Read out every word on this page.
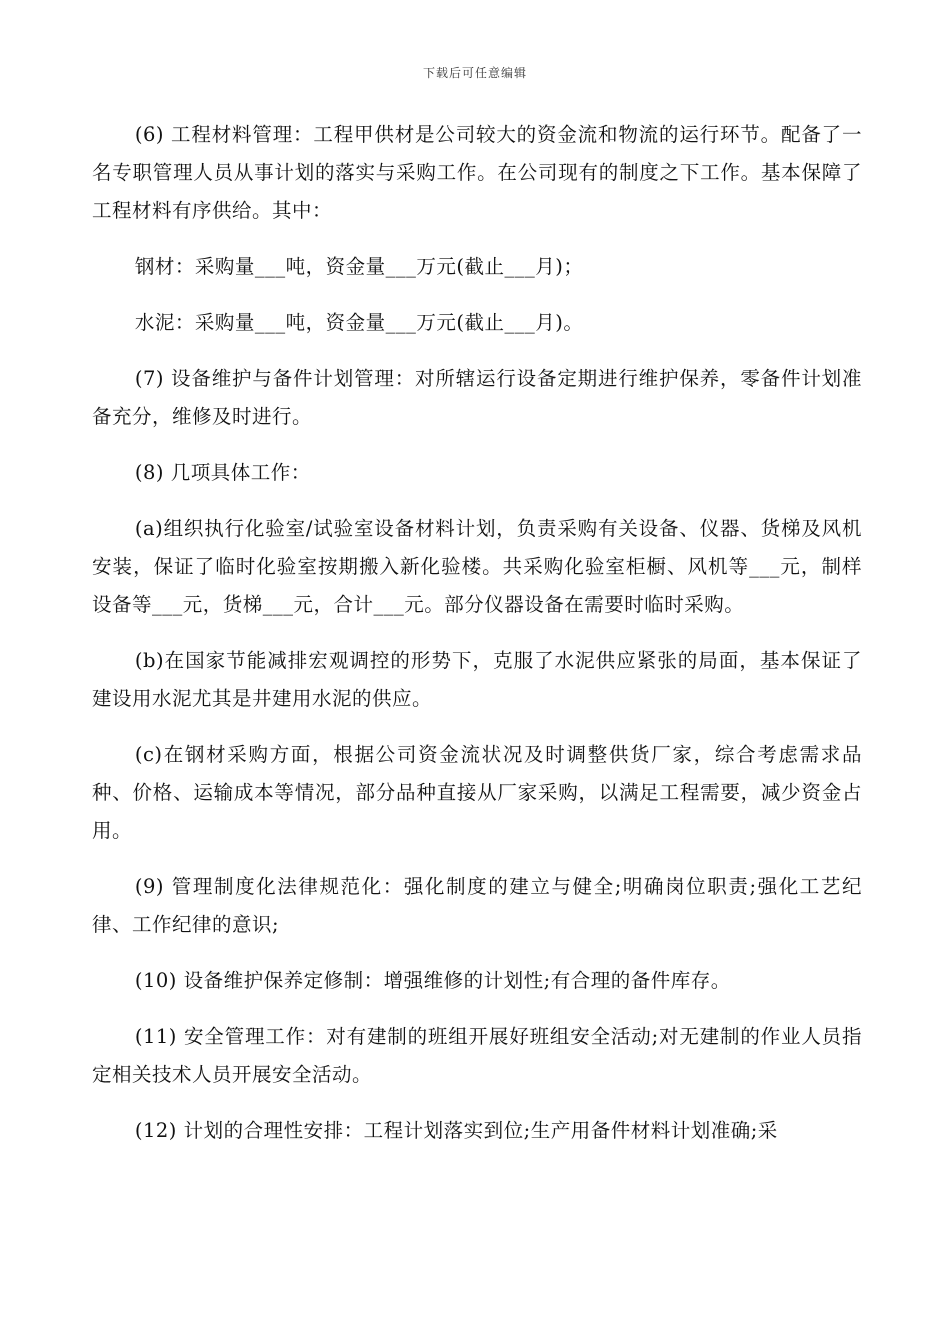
下载后可任意编辑

(6) 工程材料管理：工程甲供材是公司较大的资金流和物流的运行环节。配备了一名专职管理人员从事计划的落实与采购工作。在公司现有的制度之下工作。基本保障了工程材料有序供给。其中：

钢材：采购量___吨，资金量___万元(截止___月)；

水泥：采购量___吨，资金量___万元(截止___月)。

(7) 设备维护与备件计划管理：对所辖运行设备定期进行维护保养，零备件计划准备充分，维修及时进行。

(8) 几项具体工作：

(a)组织执行化验室/试验室设备材料计划，负责采购有关设备、仪器、货梯及风机安装，保证了临时化验室按期搬入新化验楼。共采购化验室柜橱、风机等___元，制样设备等___元，货梯___元，合计___元。部分仪器设备在需要时临时采购。

(b)在国家节能减排宏观调控的形势下，克服了水泥供应紧张的局面，基本保证了建设用水泥尤其是井建用水泥的供应。

(c)在钢材采购方面，根据公司资金流状况及时调整供货厂家，综合考虑需求品种、价格、运输成本等情况，部分品种直接从厂家采购，以满足工程需要，减少资金占用。

(9) 管理制度化法律规范化：强化制度的建立与健全;明确岗位职责;强化工艺纪律、工作纪律的意识;

(10) 设备维护保养定修制：增强维修的计划性;有合理的备件库存。

(11) 安全管理工作：对有建制的班组开展好班组安全活动;对无建制的作业人员指定相关技术人员开展安全活动。

(12) 计划的合理性安排：工程计划落实到位;生产用备件材料计划准确;采
